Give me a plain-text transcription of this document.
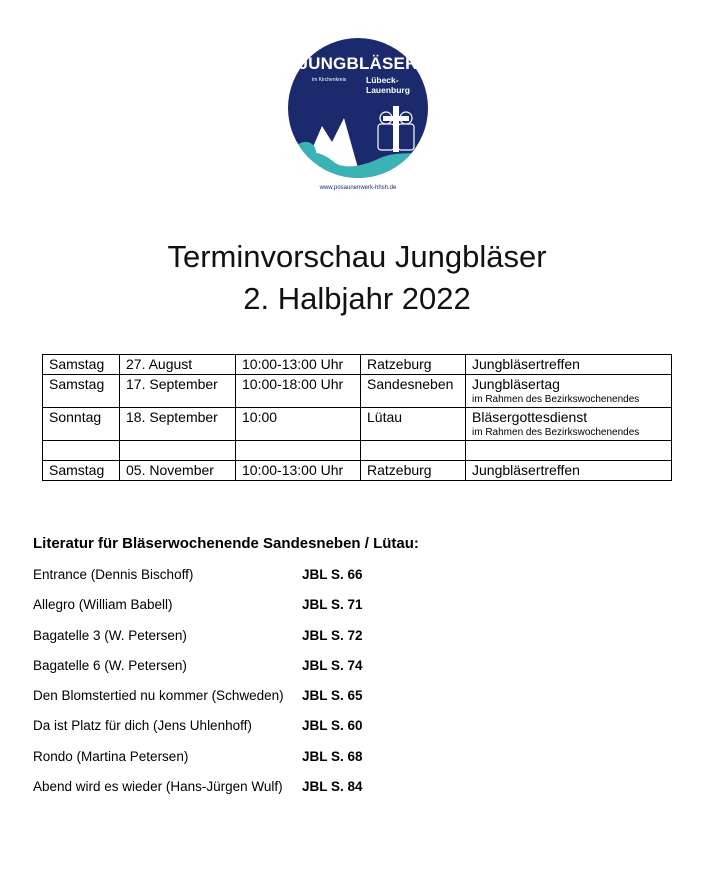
JUNGBLÄSER
im Kirchenkreis Lübeck-
Lauenburg
www.posaunenwerk-hhsh.de
Terminvorschau Jungbläser
2. Halbjahr 2022
Samstag	27. August	10:00-13:00 Uhr	Ratzeburg	Jungbläsertreffen
Samstag	17. September	10:00-18:00 Uhr	Sandesneben	Jungbläsertag
im Rahmen des Bezirkswochenendes

Sonntag	18. September	10:00	Lütau	Bläsergottesdienst
im Rahmen des Bezirkswochenendes

Samstag	05. November	10:00-13:00 Uhr	Ratzeburg	Jungbläsertreffen
Literatur für Bläserwochenende Sandesneben / Lütau:
Entrance (Dennis Bischoff)	JBL S. 66
Allegro (William Babell)	JBL S. 71
Bagatelle 3 (W. Petersen)	JBL S. 72
Bagatelle 6 (W. Petersen)	JBL S. 74
Den Blomstertied nu kommer (Schweden) JBL S. 65
Da ist Platz für dich (Jens Uhlenhoff)	JBL S. 60
Rondo (Martina Petersen)	JBL S. 68
Abend wird es wieder (Hans-Jürgen Wulf) JBL S. 84
